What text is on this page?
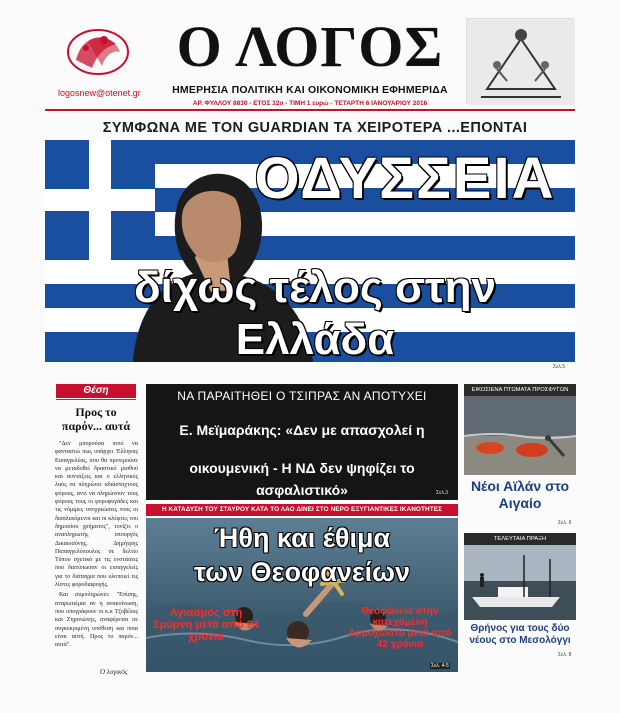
logosnew@otenet.gr
Ο ΛΟΓΟΣ
ΗΜΕΡΗΣΙΑ ΠΟΛΙΤΙΚΗ ΚΑΙ ΟΙΚΟΝΟΜΙΚΗ ΕΦΗΜΕΡΙΔΑ
ΑΡ. ΦΥΛΛΟΥ 8830 - ΕΤΟΣ 32ο - ΤΙΜΗ 1 ευρώ - ΤΕΤΑΡΤΗ 6 ΙΑΝΟΥΑΡΙΟΥ 2016
ΣΥΜΦΩΝΑ ΜΕ ΤΟΝ GUARDIAN ΤΑ ΧΕΙΡΟΤΕΡΑ ...ΕΠΟΝΤΑΙ
ΟΔΥΣΣΕΙΑ
δίχως τέλος στην Ελλάδα
Σελ.5
Θέση
Προς το παρόν... αυτά

"Δεν μπορούσα ποτέ να φανταστώ πως υπάρχει 'Ελληνας Εισαγγελέας, που θα προτιμούσε να μεταδοθεί δραστικό μισθού και συντάξεις και ο ελληνικός λαός να πληρώνει αδιάσταχτους φόρους, αντί να πληρώνουν τους φόρους τους οι φοροφυγάδες και τις νόμιμες υποχρεώσεις τους οι διαπλεκόμενοι και οι κλέφτες του δημοσίου χρήματος", τονίζει ο αναπληρωτής υπουργός Δικαιοσύνης, Δημήτρης Παπαγγελόπουλος σε δελτίο Τύπου σχετικό με τις ενστάσεις που διατύπωσαν οι εισαγγελείς για το διάταγμα που υλοποιεί τις λίστες φοροδιαφυγής.

Και συμπληρώνει: "Επίσης, αναρωτιέμαι αν η ανακοίνωση, που υπογράφουν οι κ.κ Τζοβέλας και Ζηρινιώτης, αναφέρεται σε συγκεκριμένη υπόθεση και ποια είναι αυτή. Προς το παρόν... αυτά".

Ο λογικός
ΝΑ ΠΑΡΑΙΤΗΘΕΙ Ο ΤΣΙΠΡΑΣ ΑΝ ΑΠΟΤΥΧΕΙ
Ε. Μεϊμαράκης: «Δεν με απασχολεί η
οικουμενική - Η ΝΔ δεν ψηφίζει το ασφαλιστικό»	Σελ.3
Η ΚΑΤΑΔΥΣΗ ΤΟΥ ΣΤΑΥΡΟΥ ΚΑΤΑ ΤΟ ΛΑΟ ΔΙΝΕΙ ΣΤΟ ΝΕΡΟ ΕΞΥΓΙΑΝΤΙΚΕΣ ΙΚΑΝΟΤΗΤΕΣ
Ήθη και έθιμα
των Θεοφανείων
Αγιασμός στη Σμύρνη μετά από 94 χρόνια
Θεοφάνεια στην κατεχόμενη Αμμόχωστο μετά από 42 χρόνια
Σελ. 4-5
ΕΙΚΟΣΙΕΝΑ ΠΤΩΜΑΤΑ ΠΡΟΣΦΥΓΩΝ
Νέοι Αϊλάν στο Αιγαίο
Σελ. 6
ΤΕΛΕΥΤΑΙΑ ΠΡΑΞΗ
Θρήνος για τους δύο νέους στο Μεσολόγγι
Σελ. 8
